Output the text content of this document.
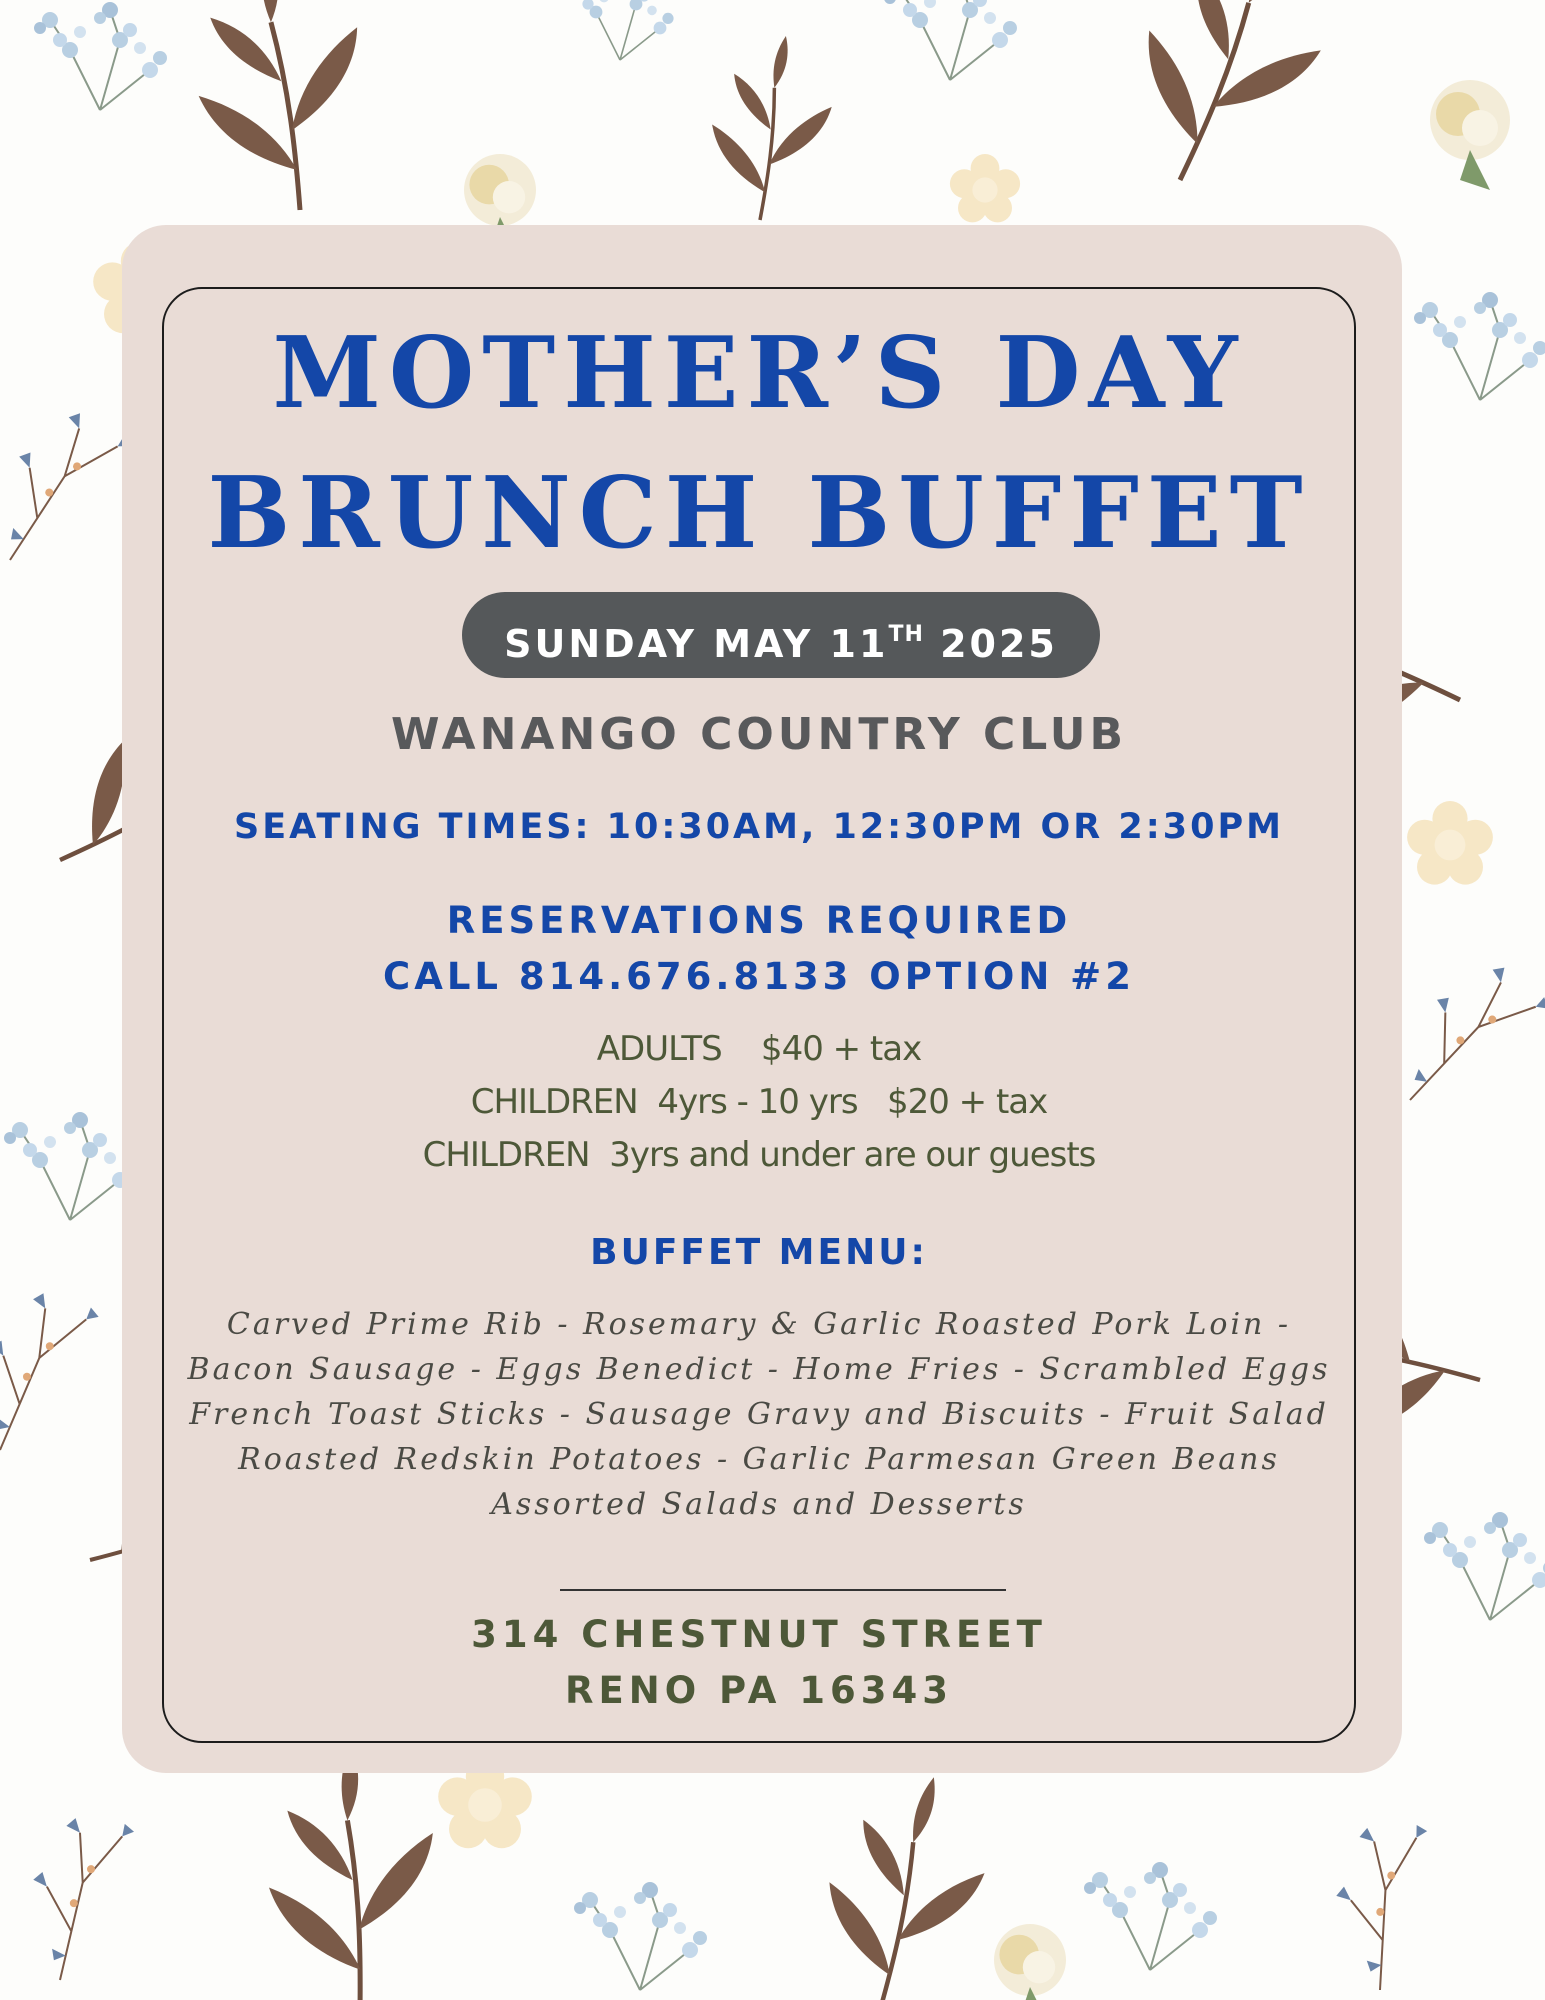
MOTHER’S DAY
BRUNCH BUFFET
SUNDAY MAY 11TH 2025
WANANGO COUNTRY CLUB
SEATING TIMES: 10:30AM, 12:30PM OR 2:30PM
RESERVATIONS REQUIRED
CALL 814.676.8133 OPTION #2
ADULTS    $40 + tax
CHILDREN  4yrs - 10 yrs   $20 + tax
CHILDREN  3yrs and under are our guests
BUFFET MENU:
Carved Prime Rib - Rosemary & Garlic Roasted Pork Loin -
Bacon Sausage - Eggs Benedict - Home Fries - Scrambled Eggs
French Toast Sticks - Sausage Gravy and Biscuits - Fruit Salad
Roasted Redskin Potatoes - Garlic Parmesan Green Beans
Assorted Salads and Desserts
314 CHESTNUT STREET
RENO PA 16343
